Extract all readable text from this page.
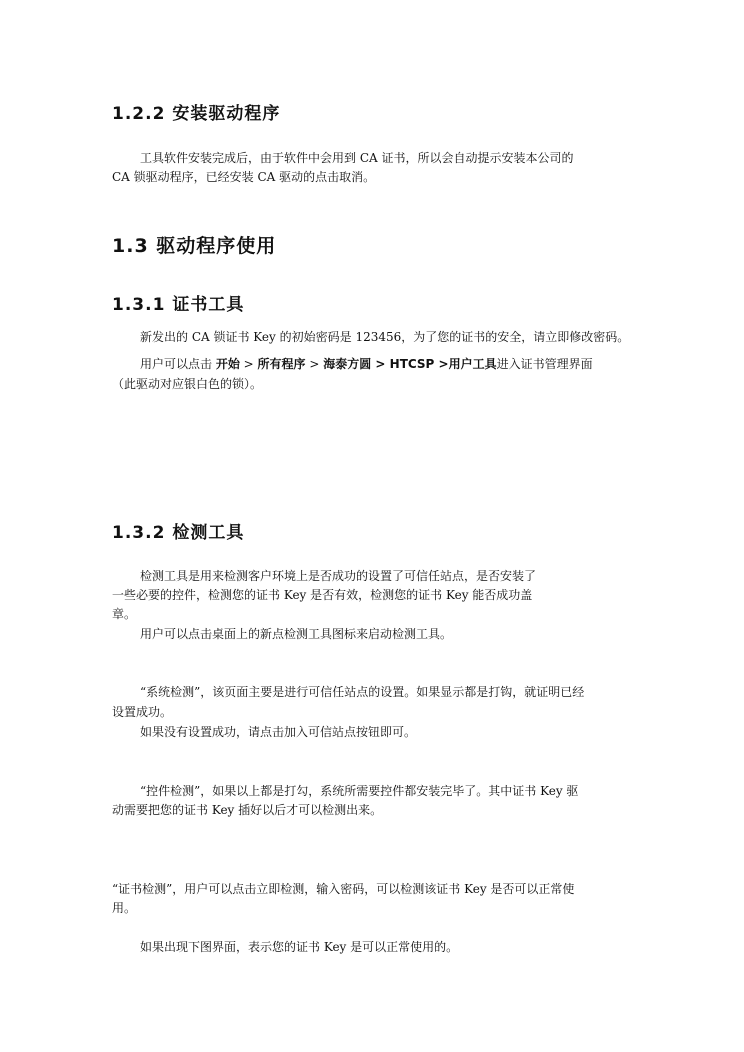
1.2.2 安装驱动程序
工具软件安装完成后，由于软件中会用到 CA 证书，所以会自动提示安装本公司的
CA 锁驱动程序，已经安装 CA 驱动的点击取消。
1.3 驱动程序使用
1.3.1 证书工具
新发出的 CA 锁证书 Key 的初始密码是 123456，为了您的证书的安全，请立即修改密码。
用户可以点击 开始 > 所有程序 > 海泰方圆 > HTCSP >用户工具进入证书管理界面
（此驱动对应银白色的锁）。
1.3.2 检测工具
检测工具是用来检测客户环境上是否成功的设置了可信任站点，是否安装了
一些必要的控件，检测您的证书 Key 是否有效，检测您的证书 Key 能否成功盖
章。
用户可以点击桌面上的新点检测工具图标来启动检测工具。
“系统检测”，该页面主要是进行可信任站点的设置。如果显示都是打钩，就证明已经
设置成功。
如果没有设置成功，请点击加入可信站点按钮即可。
“控件检测”，如果以上都是打勾，系统所需要控件都安装完毕了。其中证书 Key 驱
动需要把您的证书 Key 插好以后才可以检测出来。
“证书检测”，用户可以点击立即检测，输入密码，可以检测该证书 Key 是否可以正常使
用。
如果出现下图界面，表示您的证书 Key 是可以正常使用的。
